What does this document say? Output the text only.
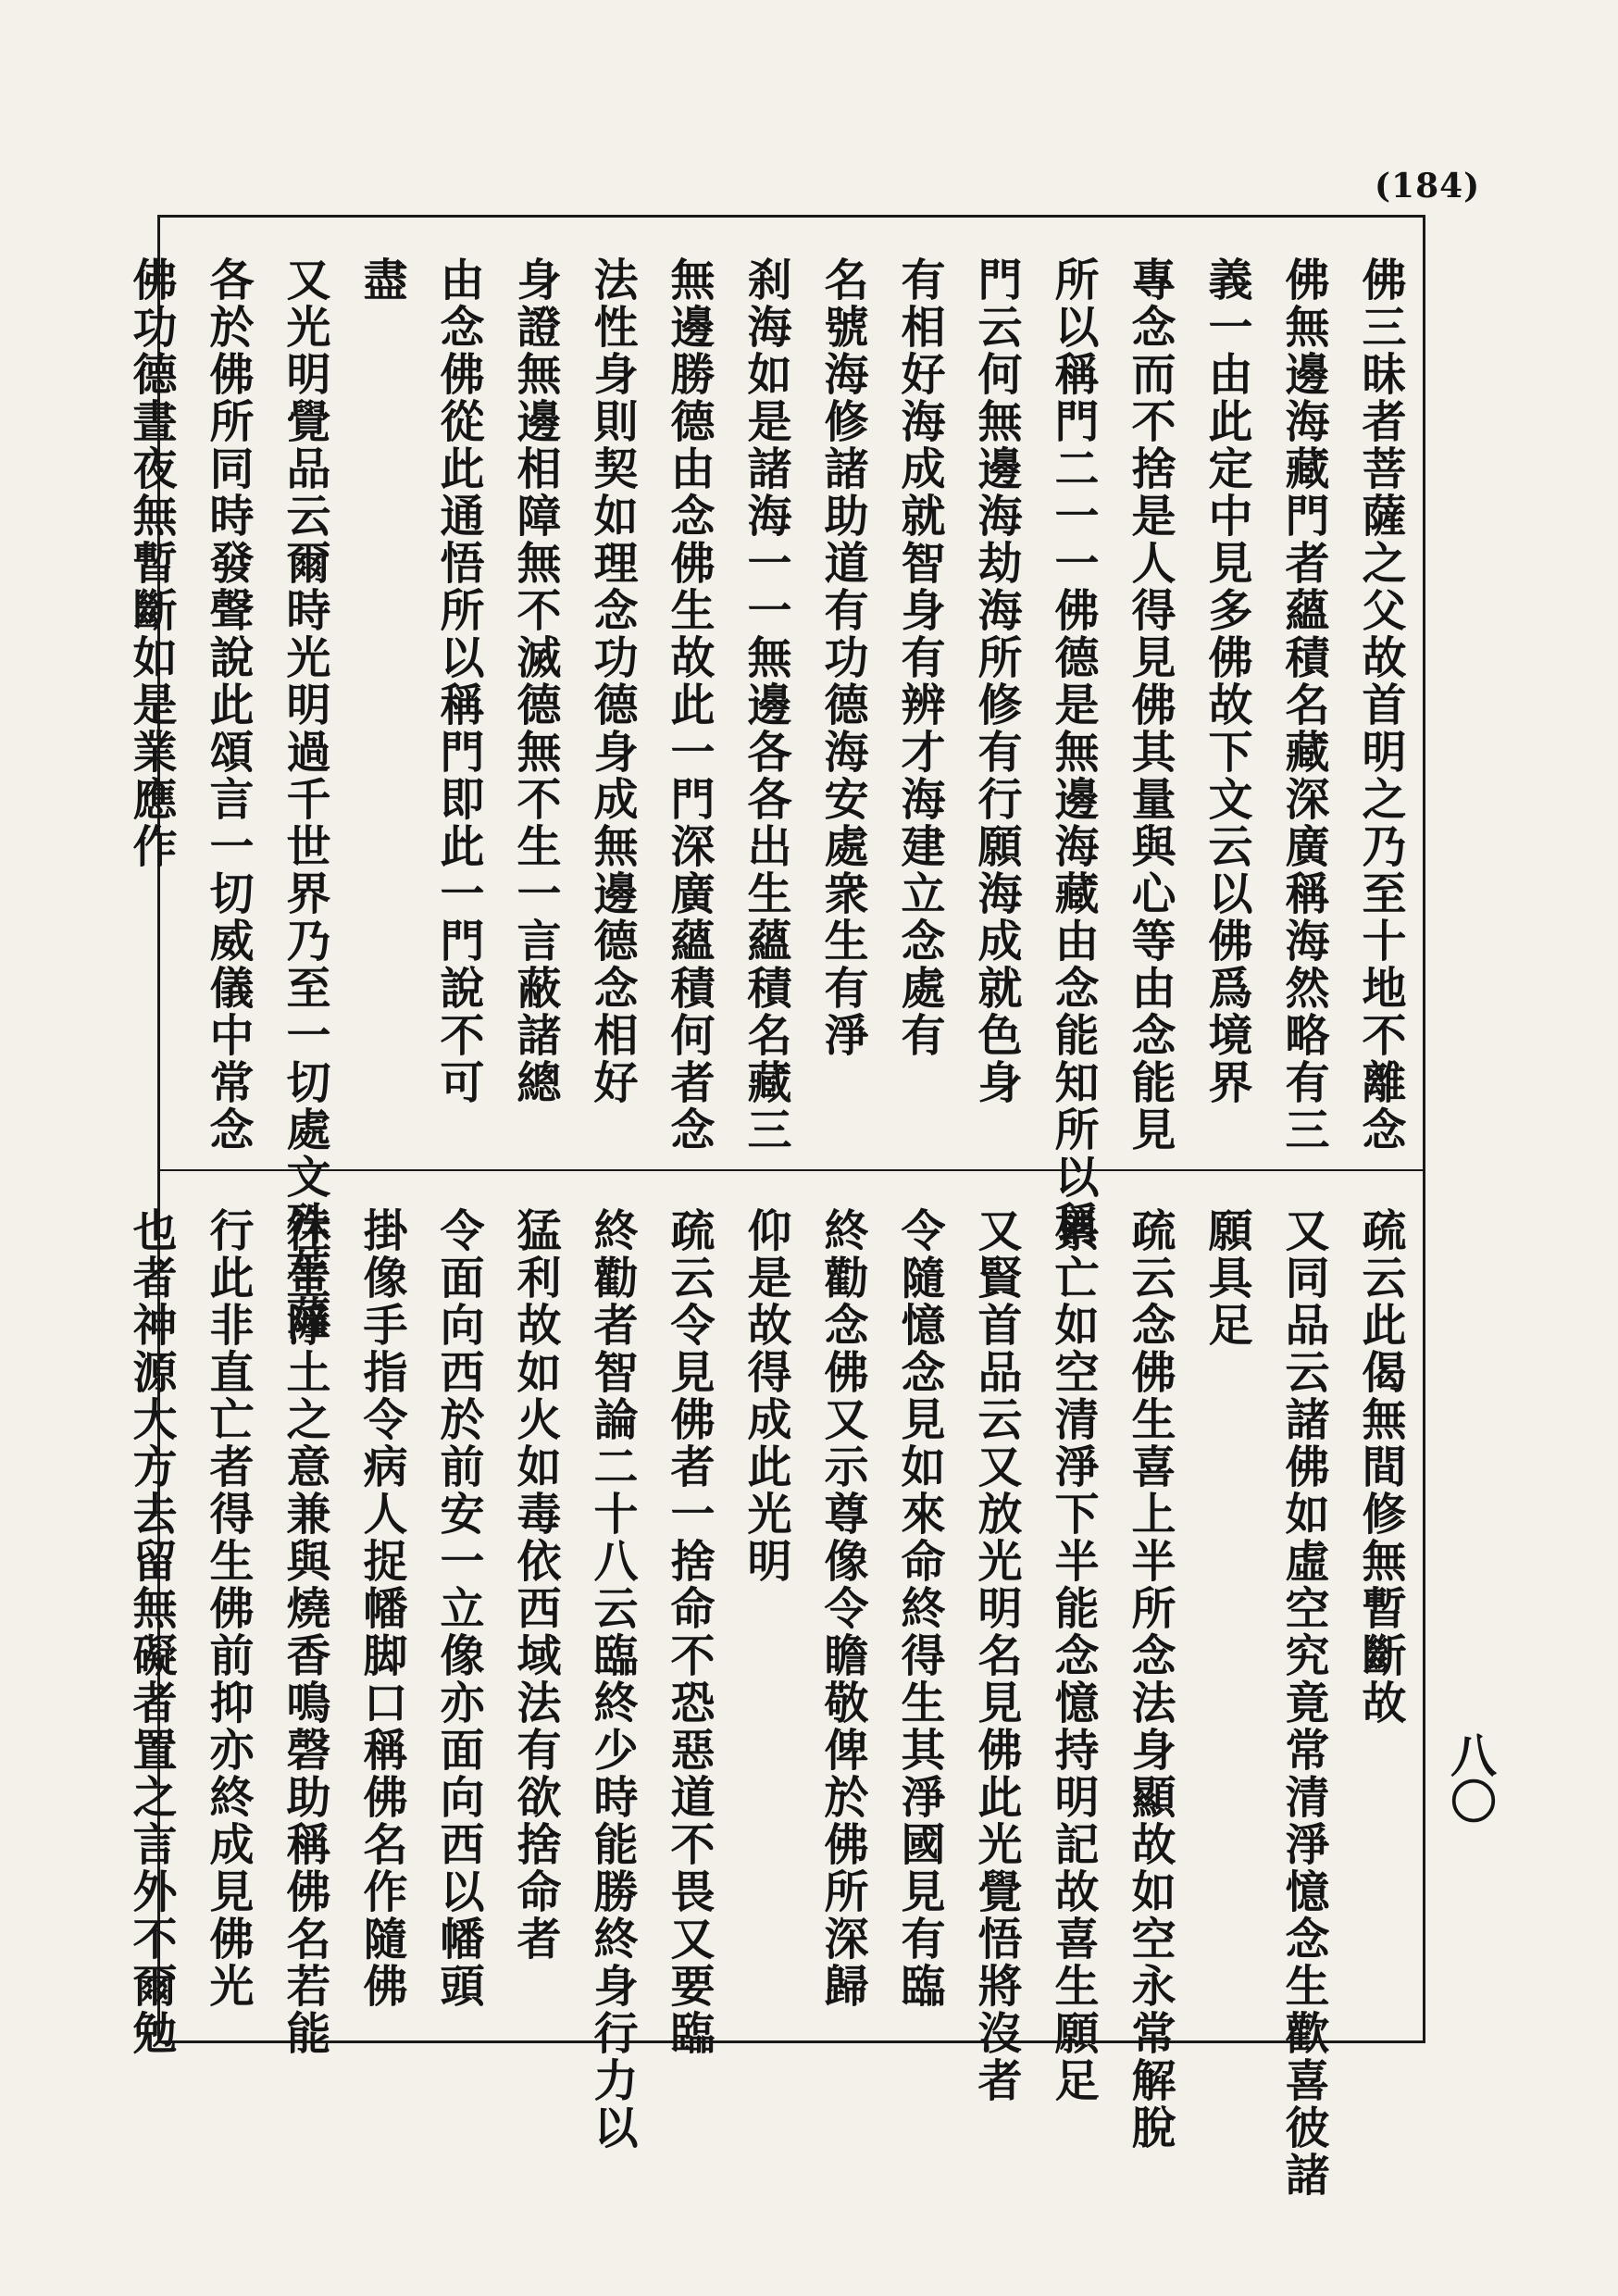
(184)
八〇
佛三昧者菩薩之父故首明之乃至十地不離念
佛無邊海藏門者蘊積名藏深廣稱海然略有三
義一由此定中見多佛故下文云以佛爲境界
專念而不捨是人得見佛其量與心等由念能見
所以稱門二一一佛德是無邊海藏由念能知所以稱
門云何無邊海劫海所修有行願海成就色身
有相好海成就智身有辨才海建立念處有
名號海修諸助道有功德海安處衆生有淨
刹海如是諸海一一無邊各各出生蘊積名藏三
無邊勝德由念佛生故此一門深廣蘊積何者念
法性身則契如理念功德身成無邊德念相好
身證無邊相障無不滅德無不生一言蔽諸總
由念佛從此通悟所以稱門即此一門說不可
盡
又光明覺品云爾時光明過千世界乃至一切處文殊菩薩
各於佛所同時發聲說此頌言一切威儀中常念
佛功德晝夜無暫斷如是業應作
疏云此偈無間修無暫斷故
又同品云諸佛如虛空究竟常清淨憶念生歡喜彼諸
願具足
疏云念佛生喜上半所念法身顯故如空永常解脫
累亡如空清淨下半能念憶持明記故喜生願足
又賢首品云又放光明名見佛此光覺悟將沒者
令隨憶念見如來命終得生其淨國見有臨
終勸念佛又示尊像令瞻敬俾於佛所深歸
仰是故得成此光明
疏云令見佛者一捨命不恐惡道不畏又要臨
終勸者智論二十八云臨終少時能勝終身行力以
猛利故如火如毒依西域法有欲捨命者
令面向西於前安一立像亦面向西以幡頭
掛像手指令病人捉幡脚口稱佛名作隨佛
往生淨土之意兼與燒香鳴磬助稱佛名若能
行此非直亡者得生佛前抑亦終成見佛光
也者神源大方去留無礙者置之言外不爾勉
